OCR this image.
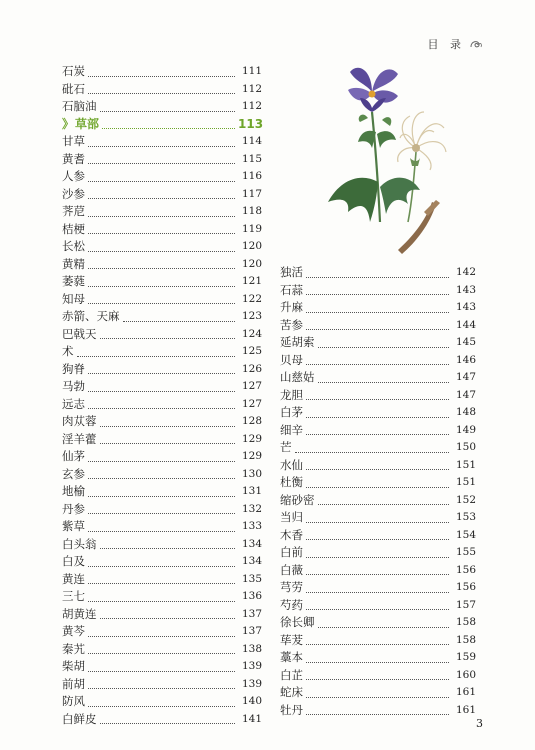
目 录
石炭	111
砒石	112
石脑油	112
》 草部	113
甘草	114
黄耆	115
人参	116
沙参	117
荠苨	118
桔梗	119
长松	120
黄精	120
萎蕤	121
知母	122
赤箭、天麻	123
巴戟天	124
术	125
狗脊	126
马勃	127
远志	127
肉苁蓉	128
淫羊藿	129
仙茅	129
玄参	130
地榆	131
丹参	132
紫草	133
白头翁	134
白及	134
黄连	135
三七	136
胡黄连	137
黄芩	137
秦艽	138
柴胡	139
前胡	139
防风	140
白鲜皮	141
独活	142
石蒜	143
升麻	143
苦参	144
延胡索	145
贝母	146
山慈姑	147
龙胆	147
白茅	148
细辛	149
芒	150
水仙	151
杜衡	151
缩砂密	152
当归	153
木香	154
白前	155
白薇	156
芎劳	156
芍药	157
徐长卿	158
荜茇	158
藁本	159
白芷	160
蛇床	161
牡丹	161
3
